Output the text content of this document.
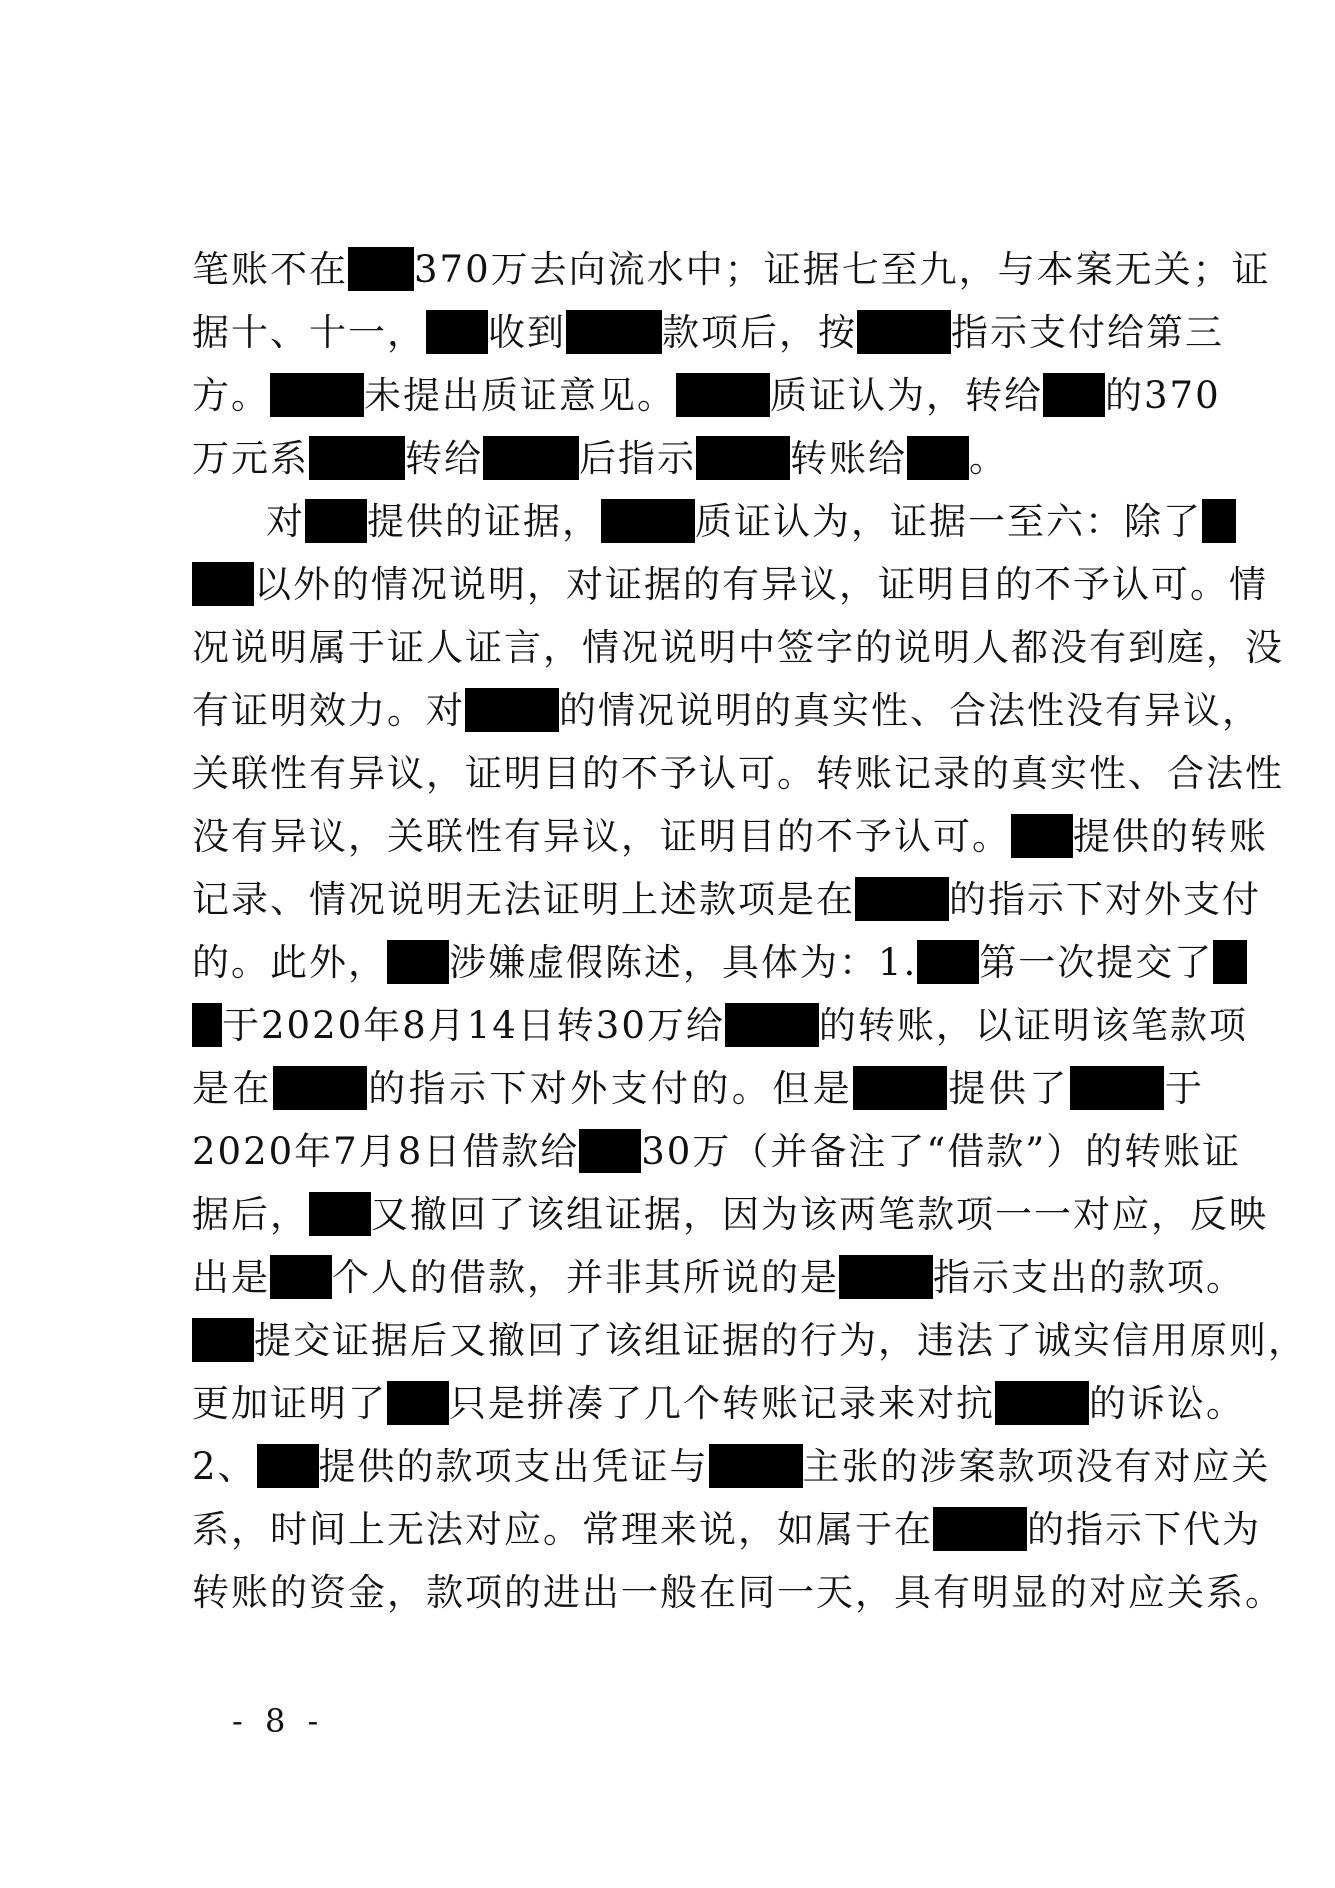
笔账不在 370万去向流水中；证据七至九，与本案无关；证
据十、十一， 收到	款项后，按	指示支付给第三
方。	未提出质证意见。	质证认为，转给 的370
万元系	转给	后指示	转账给 。
对 提供的证据，	质证认为，证据一至六：除了
以外的情况说明，对证据的有异议，证明目的不予认可。情
况说明属于证人证言，情况说明中签字的说明人都没有到庭，没
有证明效力。对	的情况说明的真实性、合法性没有异议，
关联性有异议，证明目的不予认可。转账记录的真实性、合法性
没有异议，关联性有异议，证明目的不予认可。 提供的转账
记录、情况说明无法证明上述款项是在	的指示下对外支付
的。此外， 涉嫌虚假陈述，具体为：1. 第一次提交了
于2020年8月14日转30万给	的转账，以证明该笔款项
是在	的指示下对外支付的。但是	提供了	于
2020年7月8日借款给 30万（并备注了“借款”）的转账证
据后， 又撤回了该组证据，因为该两笔款项一一对应，反映
出是 个人的借款，并非其所说的是	指示支出的款项。
提交证据后又撤回了该组证据的行为，违法了诚实信用原则，
更加证明了 只是拼凑了几个转账记录来对抗	的诉讼。
2、 提供的款项支出凭证与	主张的涉案款项没有对应关
系，时间上无法对应。常理来说，如属于在	的指示下代为
转账的资金，款项的进出一般在同一天，具有明显的对应关系。
- 8 -
